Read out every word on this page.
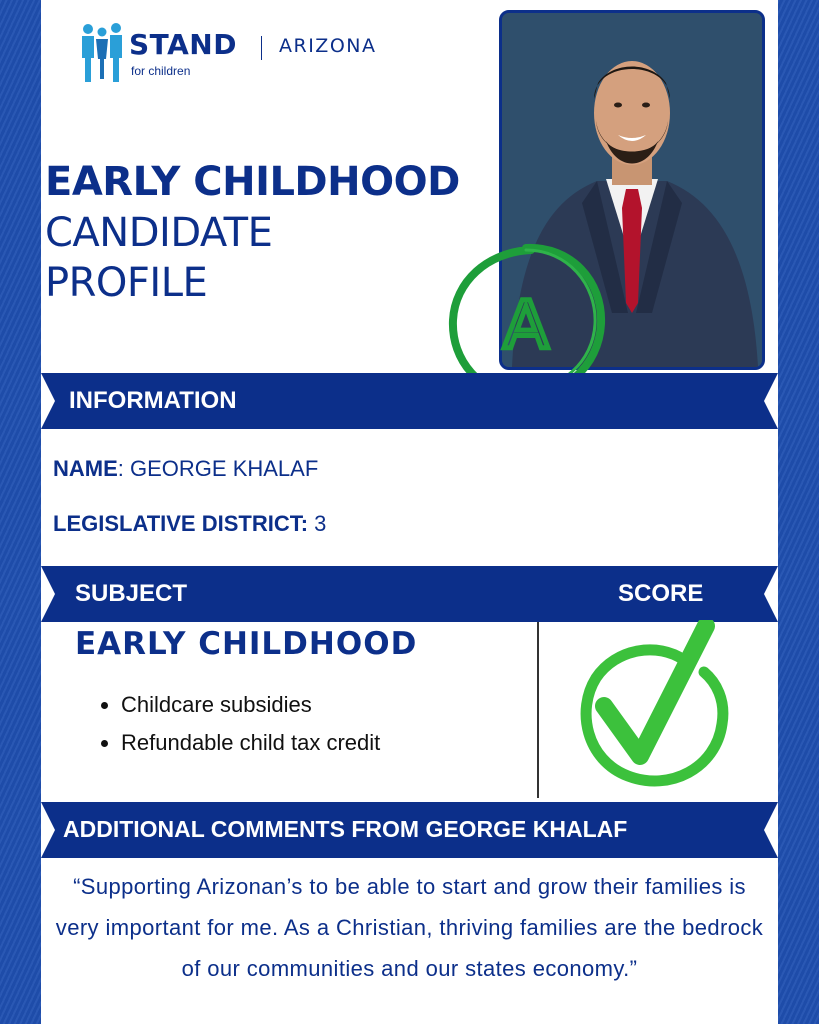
STAND
for children
ARIZONA
EARLY CHILDHOOD
CANDIDATE
PROFILE
A
INFORMATION
NAME: GEORGE KHALAF
LEGISLATIVE DISTRICT: 3
SUBJECT	SCORE
EARLY CHILDHOOD
• Childcare subsidies
• Refundable child tax credit
ADDITIONAL COMMENTS FROM GEORGE KHALAF
“Supporting Arizonan’s to be able to start and grow their families is very important for me. As a Christian, thriving families are the bedrock of our communities and our states economy.”
